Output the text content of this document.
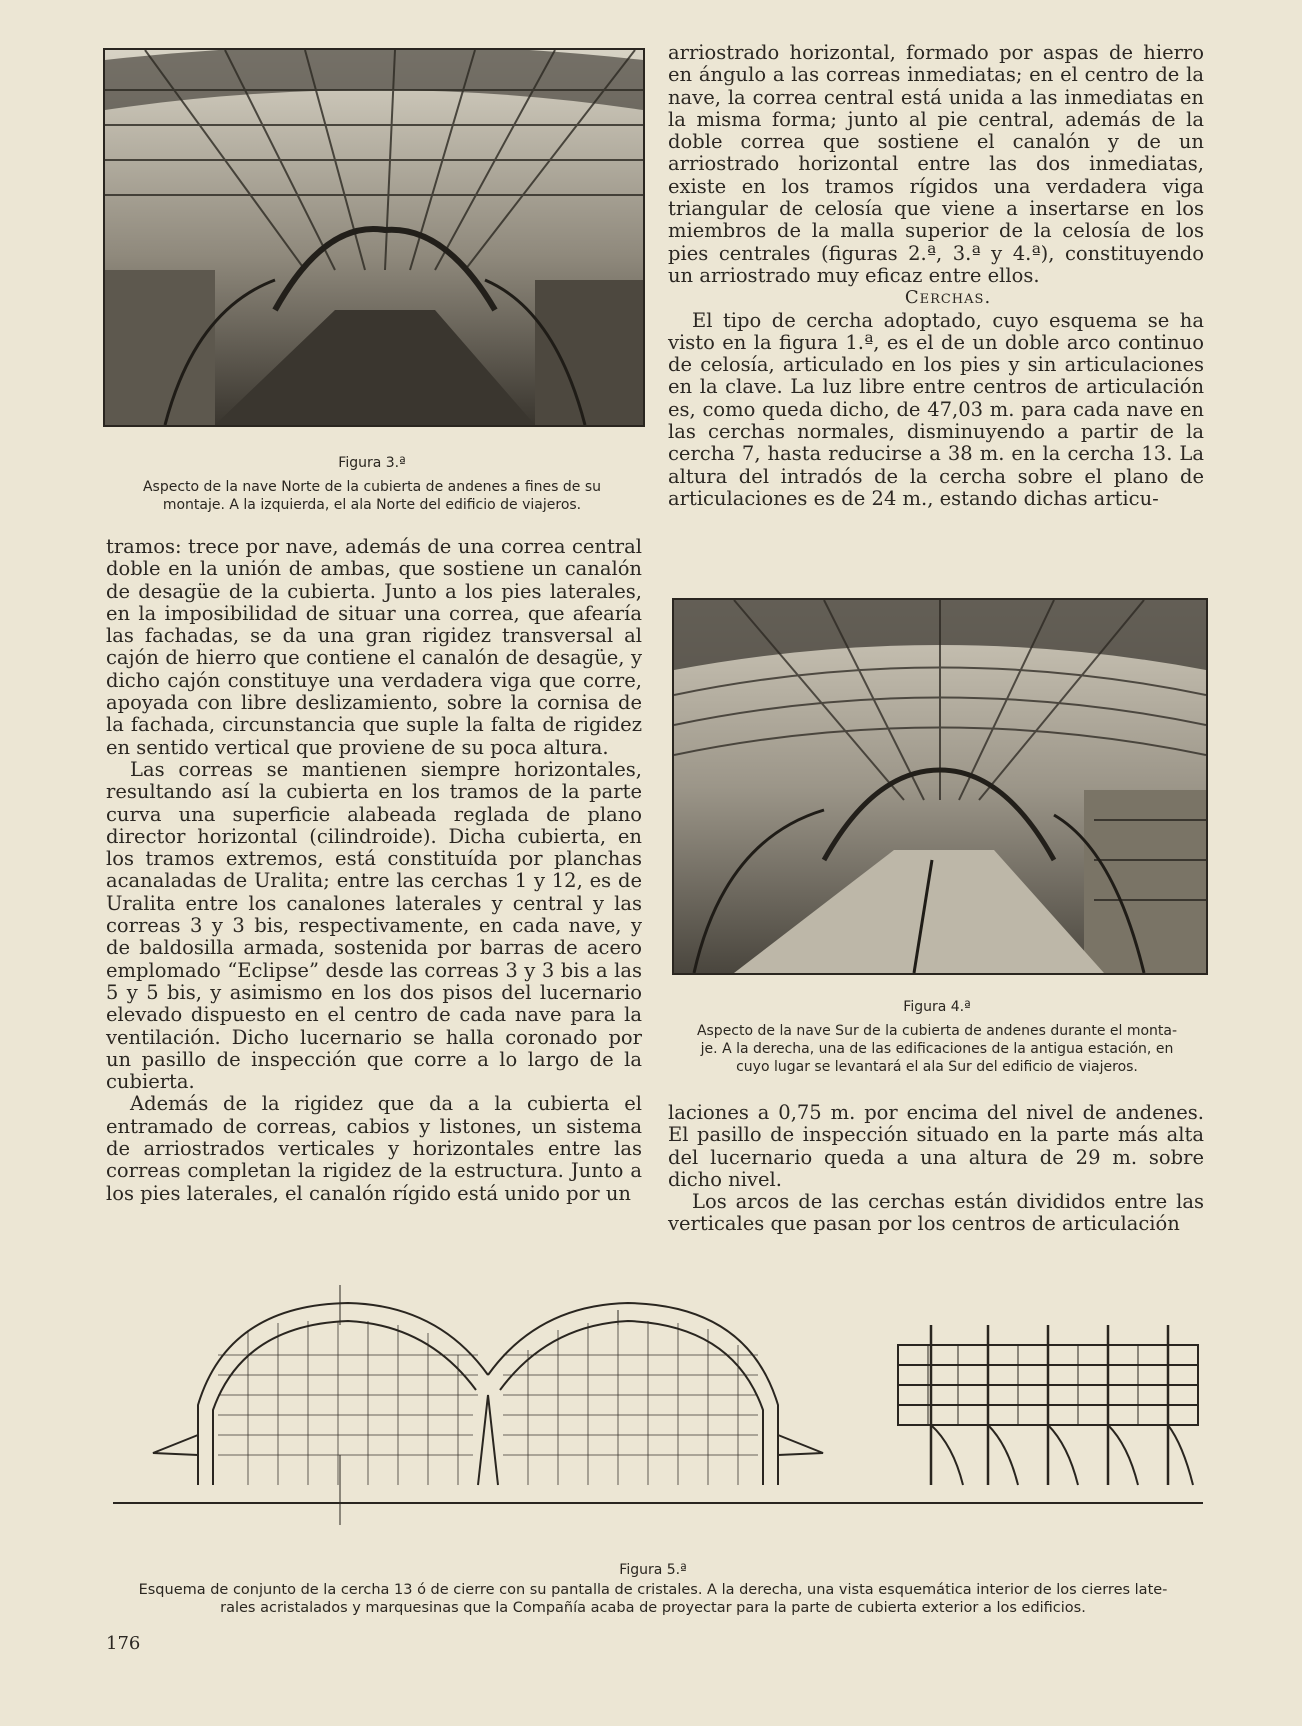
Figura 3.ª
Aspecto de la nave Norte de la cubierta de andenes a fines de su
montaje. A la izquierda, el ala Norte del edificio de viajeros.

tramos: trece por nave, además de una correa central doble en la unión de ambas, que sostiene un canalón de desagüe de la cubierta. Junto a los pies laterales, en la imposibilidad de situar una correa, que afearía las fachadas, se da una gran rigidez transversal al cajón de hierro que contiene el canalón de desagüe, y dicho cajón constituye una verdadera viga que corre, apoyada con libre deslizamiento, sobre la cornisa de la fachada, circunstancia que suple la falta de rigidez en sentido vertical que proviene de su poca altura.

Las correas se mantienen siempre horizontales, resultando así la cubierta en los tramos de la parte curva una superficie alabeada reglada de plano director horizontal (cilindroide). Dicha cubierta, en los tramos extremos, está constituída por planchas acanaladas de Uralita; entre las cerchas 1 y 12, es de Uralita entre los canalones laterales y central y las correas 3 y 3 bis, respectivamente, en cada nave, y de baldosilla armada, sostenida por barras de acero emplomado “Eclipse” desde las correas 3 y 3 bis a las 5 y 5 bis, y asimismo en los dos pisos del lucernario elevado dispuesto en el centro de cada nave para la ventilación. Dicho lucernario se halla coronado por un pasillo de inspección que corre a lo largo de la cubierta.

Además de la rigidez que da a la cubierta el entramado de correas, cabios y listones, un sistema de arriostrados verticales y horizontales entre las correas completan la rigidez de la estructura. Junto a los pies laterales, el canalón rígido está unido por un

arriostrado horizontal, formado por aspas de hierro en ángulo a las correas inmediatas; en el centro de la nave, la correa central está unida a las inmediatas en la misma forma; junto al pie central, además de la doble correa que sostiene el canalón y de un arriostrado horizontal entre las dos inmediatas, existe en los tramos rígidos una verdadera viga triangular de celosía que viene a insertarse en los miembros de la malla superior de la celosía de los pies centrales (figuras 2.ª, 3.ª y 4.ª), constituyendo un arriostrado muy eficaz entre ellos.

Cerchas.

El tipo de cercha adoptado, cuyo esquema se ha visto en la figura 1.ª, es el de un doble arco continuo de celosía, articulado en los pies y sin articulaciones en la clave. La luz libre entre centros de articulación es, como queda dicho, de 47,03 m. para cada nave en las cerchas normales, disminuyendo a partir de la cercha 7, hasta reducirse a 38 m. en la cercha 13. La altura del intradós de la cercha sobre el plano de articulaciones es de 24 m., estando dichas articu-

Figura 4.ª
Aspecto de la nave Sur de la cubierta de andenes durante el monta-
je. A la derecha, una de las edificaciones de la antigua estación, en
cuyo lugar se levantará el ala Sur del edificio de viajeros.

laciones a 0,75 m. por encima del nivel de andenes. El pasillo de inspección situado en la parte más alta del lucernario queda a una altura de 29 m. sobre dicho nivel.

Los arcos de las cerchas están divididos entre las verticales que pasan por los centros de articulación

Figura 5.ª
Esquema de conjunto de la cercha 13 ó de cierre con su pantalla de cristales. A la derecha, una vista esquemática interior de los cierres late-
rales acristalados y marquesinas que la Compañía acaba de proyectar para la parte de cubierta exterior a los edificios.
176
